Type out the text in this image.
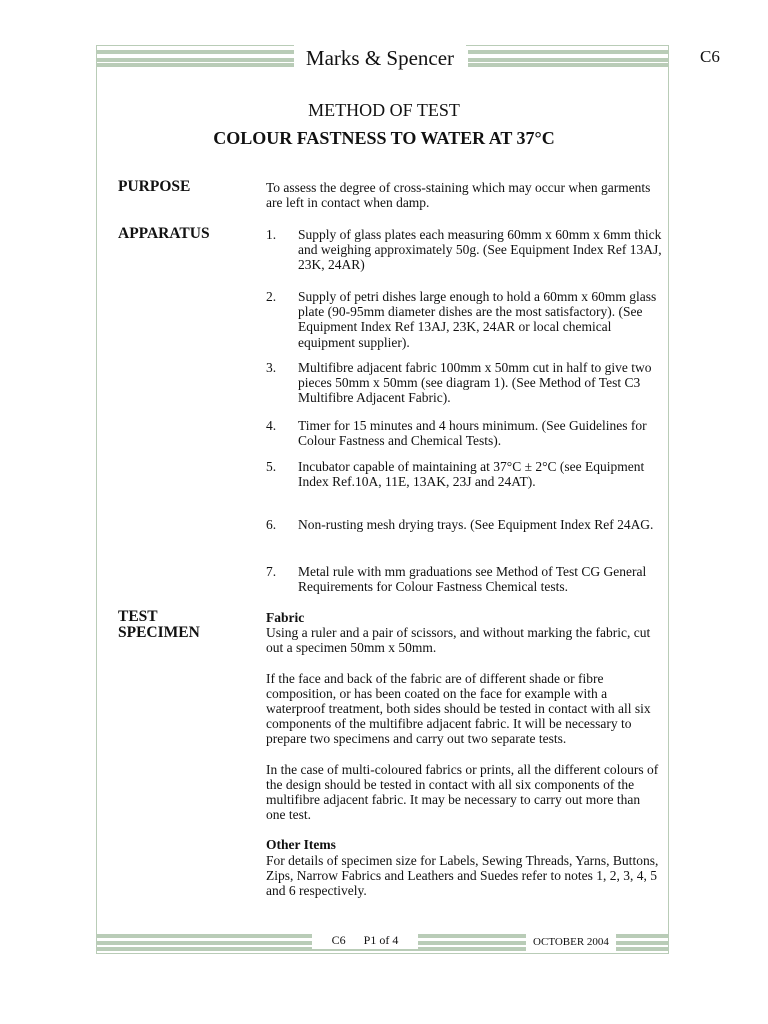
Marks & Spencer	C6
METHOD OF TEST
COLOUR FASTNESS TO WATER AT 37°C
PURPOSE	To assess the degree of cross-staining which may occur when garments are left in contact when damp.
APPARATUS	1. Supply of glass plates each measuring 60mm x 60mm x 6mm thick and weighing approximately 50g. (See Equipment Index Ref 13AJ, 23K, 24AR)
2. Supply of petri dishes large enough to hold a 60mm x 60mm glass plate (90-95mm diameter dishes are the most satisfactory). (See Equipment Index Ref 13AJ, 23K, 24AR or local chemical equipment supplier).
3. Multifibre adjacent fabric 100mm x 50mm cut in half to give two pieces 50mm x 50mm (see diagram 1). (See Method of Test C3 Multifibre Adjacent Fabric).
4. Timer for 15 minutes and 4 hours minimum. (See Guidelines for Colour Fastness and Chemical Tests).
5. Incubator capable of maintaining at 37°C ± 2°C (see Equipment Index Ref.10A, 11E, 13AK, 23J and 24AT).
6. Non-rusting mesh drying trays. (See Equipment Index Ref 24AG.
7. Metal rule with mm graduations see Method of Test CG General Requirements for Colour Fastness Chemical tests.
TEST
SPECIMEN
Fabric
Using a ruler and a pair of scissors, and without marking the fabric, cut out a specimen 50mm x 50mm.
If the face and back of the fabric are of different shade or fibre composition, or has been coated on the face for example with a waterproof treatment, both sides should be tested in contact with all six components of the multifibre adjacent fabric. It will be necessary to prepare two specimens and carry out two separate tests.
In the case of multi-coloured fabrics or prints, all the different colours of the design should be tested in contact with all six components of the multifibre adjacent fabric. It may be necessary to carry out more than one test.
Other Items
For details of specimen size for Labels, Sewing Threads, Yarns, Buttons, Zips, Narrow Fabrics and Leathers and Suedes refer to notes 1, 2, 3, 4, 5 and 6 respectively.
C6 P1 of 4	OCTOBER 2004
